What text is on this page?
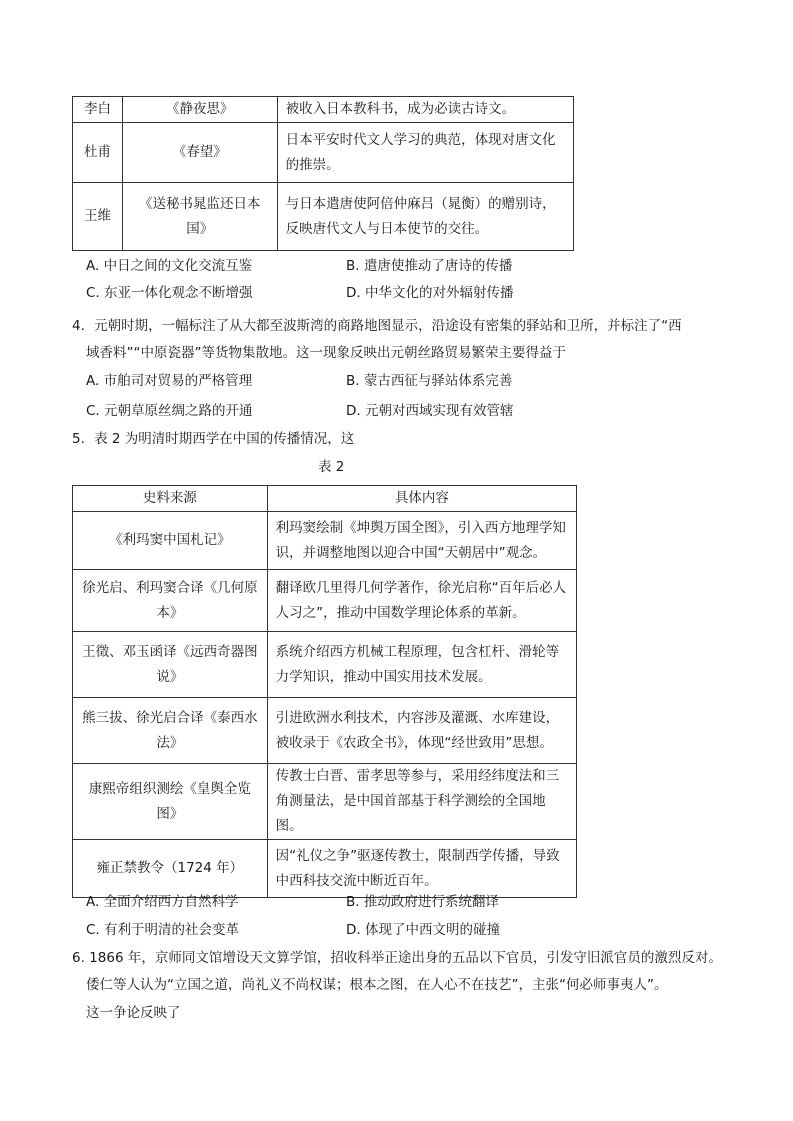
李白	《静夜思》	被收入日本教科书，成为必读古诗文。
杜甫	《春望》	日本平安时代文人学习的典范，体现对唐文化的推崇。
王维	《送秘书晁监还日本国》	与日本遣唐使阿倍仲麻吕（晁衡）的赠别诗，反映唐代文人与日本使节的交往。
A. 中日之间的文化交流互鉴	B. 遣唐使推动了唐诗的传播
C. 东亚一体化观念不断增强	D. 中华文化的对外辐射传播
4．元朝时期，一幅标注了从大都至波斯湾的商路地图显示，沿途设有密集的驿站和卫所，并标注了“西
域香料”“中原瓷器”等货物集散地。这一现象反映出元朝丝路贸易繁荣主要得益于
A. 市舶司对贸易的严格管理	B. 蒙古西征与驿站体系完善
C. 元朝草原丝绸之路的开通	D. 元朝对西域实现有效管辖
5．表 2 为明清时期西学在中国的传播情况，这
表 2
史料来源	具体内容
《利玛窦中国札记》	利玛窦绘制《坤舆万国全图》，引入西方地理学知识，并调整地图以迎合中国“天朝居中”观念。
徐光启、利玛窦合译《几何原本》	翻译欧几里得几何学著作，徐光启称“百年后必人人习之”，推动中国数学理论体系的革新。
王徵、邓玉函译《远西奇器图说》	系统介绍西方机械工程原理，包含杠杆、滑轮等力学知识，推动中国实用技术发展。
熊三拔、徐光启合译《泰西水法》	引进欧洲水利技术，内容涉及灌溉、水库建设，被收录于《农政全书》，体现“经世致用”思想。
康熙帝组织测绘《皇舆全览图》	传教士白晋、雷孝思等参与，采用经纬度法和三角测量法，是中国首部基于科学测绘的全国地图。
雍正禁教令（1724 年）	因“礼仪之争”驱逐传教士，限制西学传播，导致中西科技交流中断近百年。
A. 全面介绍西方自然科学	B. 推动政府进行系统翻译
C. 有利于明清的社会变革	D. 体现了中西文明的碰撞
6. 1866 年，京师同文馆增设天文算学馆，招收科举正途出身的五品以下官员，引发守旧派官员的激烈反对。
倭仁等人认为“立国之道，尚礼义不尚权谋；根本之图，在人心不在技艺”，主张“何必师事夷人”。
这一争论反映了
